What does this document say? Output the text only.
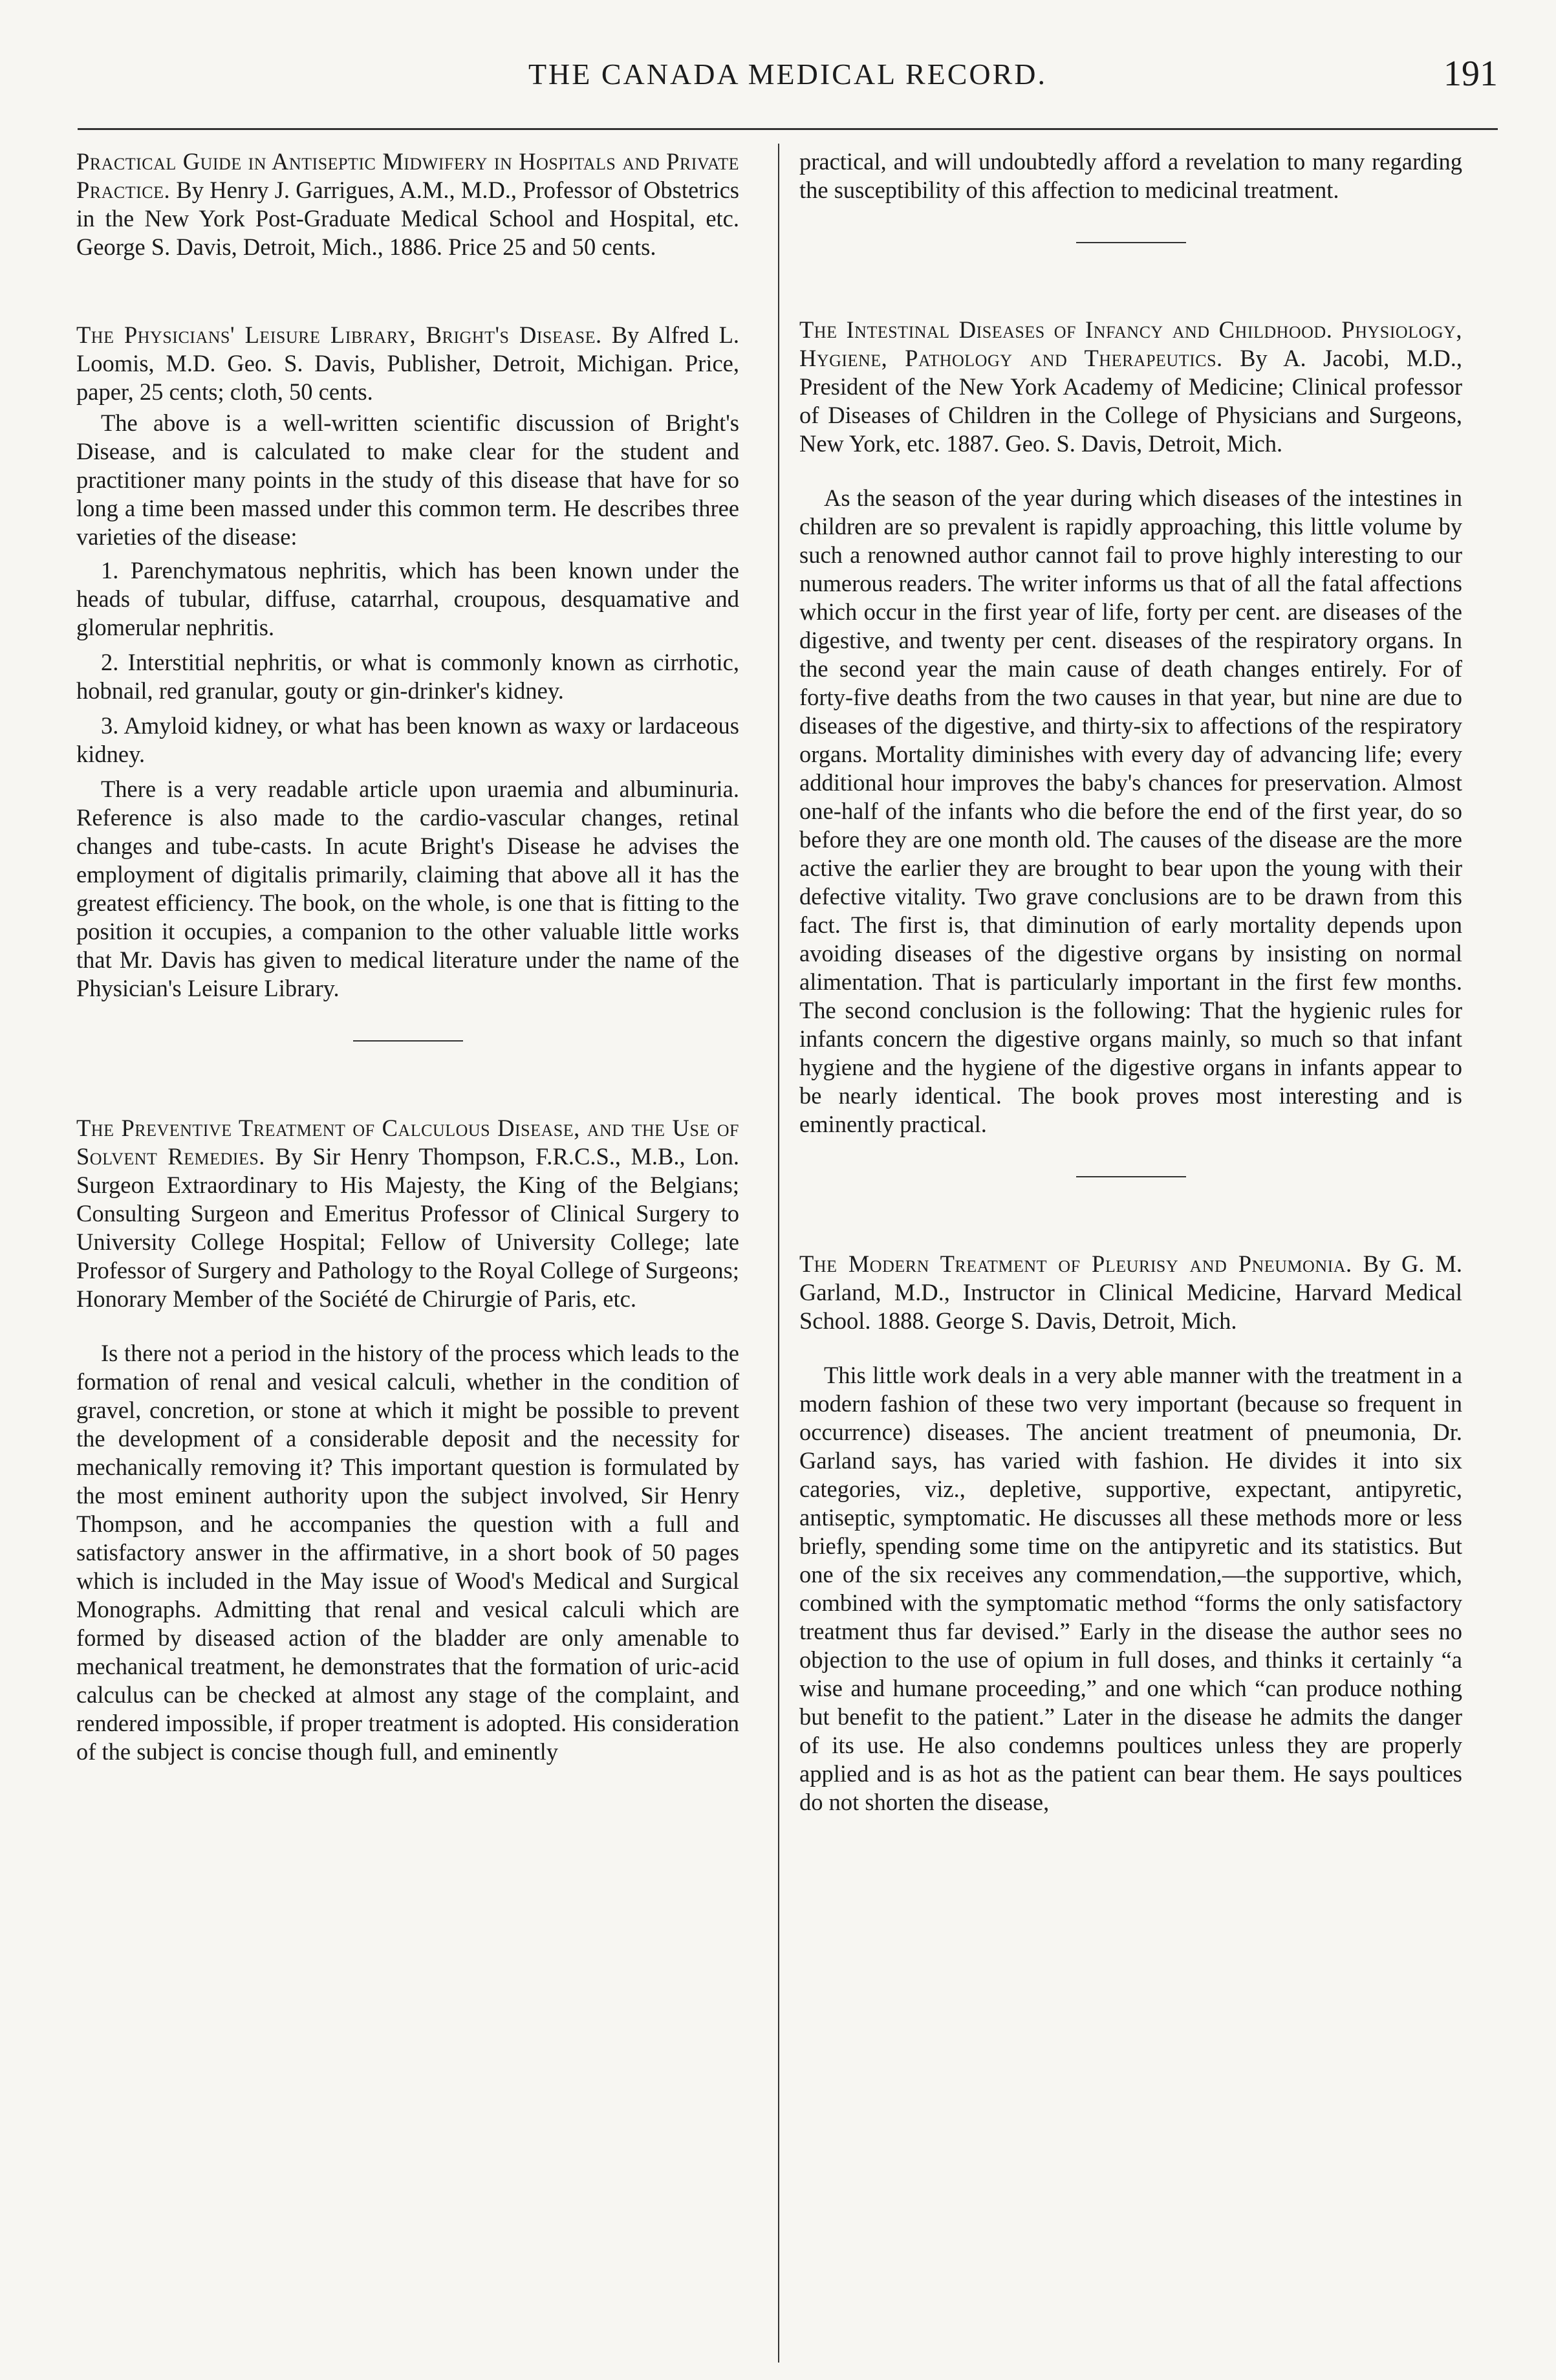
THE CANADA MEDICAL RECORD.	191
Practical Guide in Antiseptic Midwifery in Hospitals and Private Practice. By Henry J. Garrigues, A.M., M.D., Professor of Obstetrics in the New York Post-Graduate Medical School and Hospital, etc. George S. Davis, Detroit, Mich., 1886. Price 25 and 50 cents.
The Physicians' Leisure Library, Bright's Disease. By Alfred L. Loomis, M.D. Geo. S. Davis, Publisher, Detroit, Michigan. Price, paper, 25 cents; cloth, 50 cents.

The above is a well-written scientific discussion of Bright's Disease, and is calculated to make clear for the student and practitioner many points in the study of this disease that have for so long a time been massed under this common term. He describes three varieties of the disease:

1. Parenchymatous nephritis, which has been known under the heads of tubular, diffuse, catarrhal, croupous, desquamative and glomerular nephritis.

2. Interstitial nephritis, or what is commonly known as cirrhotic, hobnail, red granular, gouty or gin-drinker's kidney.

3. Amyloid kidney, or what has been known as waxy or lardaceous kidney.

There is a very readable article upon uraemia and albuminuria. Reference is also made to the cardio-vascular changes, retinal changes and tube-casts. In acute Bright's Disease he advises the employment of digitalis primarily, claiming that above all it has the greatest efficiency. The book, on the whole, is one that is fitting to the position it occupies, a companion to the other valuable little works that Mr. Davis has given to medical literature under the name of the Physician's Leisure Library.

The Preventive Treatment of Calculous Disease, and the Use of Solvent Remedies. By Sir Henry Thompson, F.R.C.S., M.B., Lon. Surgeon Extraordinary to His Majesty, the King of the Belgians; Consulting Surgeon and Emeritus Professor of Clinical Surgery to University College Hospital; Fellow of University College; late Professor of Surgery and Pathology to the Royal College of Surgeons; Honorary Member of the Société de Chirurgie of Paris, etc.

Is there not a period in the history of the process which leads to the formation of renal and vesical calculi, whether in the condition of gravel, concretion, or stone at which it might be possible to prevent the development of a considerable deposit and the necessity for mechanically removing it? This important question is formulated by the most eminent authority upon the subject involved, Sir Henry Thompson, and he accompanies the question with a full and satisfactory answer in the affirmative, in a short book of 50 pages which is included in the May issue of Wood's Medical and Surgical Monographs. Admitting that renal and vesical calculi which are formed by diseased action of the bladder are only amenable to mechanical treatment, he demonstrates that the formation of uric-acid calculus can be checked at almost any stage of the complaint, and rendered impossible, if proper treatment is adopted. His consideration of the subject is concise though full, and eminently

practical, and will undoubtedly afford a revelation to many regarding the susceptibility of this affection to medicinal treatment.

The Intestinal Diseases of Infancy and Childhood. Physiology, Hygiene, Pathology and Therapeutics. By A. Jacobi, M.D., President of the New York Academy of Medicine; Clinical professor of Diseases of Children in the College of Physicians and Surgeons, New York, etc. 1887. Geo. S. Davis, Detroit, Mich.

As the season of the year during which diseases of the intestines in children are so prevalent is rapidly approaching, this little volume by such a renowned author cannot fail to prove highly interesting to our numerous readers. The writer informs us that of all the fatal affections which occur in the first year of life, forty per cent. are diseases of the digestive, and twenty per cent. diseases of the respiratory organs. In the second year the main cause of death changes entirely. For of forty-five deaths from the two causes in that year, but nine are due to diseases of the digestive, and thirty-six to affections of the respiratory organs. Mortality diminishes with every day of advancing life; every additional hour improves the baby's chances for preservation. Almost one-half of the infants who die before the end of the first year, do so before they are one month old. The causes of the disease are the more active the earlier they are brought to bear upon the young with their defective vitality. Two grave conclusions are to be drawn from this fact. The first is, that diminution of early mortality depends upon avoiding diseases of the digestive organs by insisting on normal alimentation. That is particularly important in the first few months. The second conclusion is the following: That the hygienic rules for infants concern the digestive organs mainly, so much so that infant hygiene and the hygiene of the digestive organs in infants appear to be nearly identical. The book proves most interesting and is eminently practical.

The Modern Treatment of Pleurisy and Pneumonia. By G. M. Garland, M.D., Instructor in Clinical Medicine, Harvard Medical School. 1888. George S. Davis, Detroit, Mich.

This little work deals in a very able manner with the treatment in a modern fashion of these two very important (because so frequent in occurrence) diseases. The ancient treatment of pneumonia, Dr. Garland says, has varied with fashion. He divides it into six categories, viz., depletive, supportive, expectant, antipyretic, antiseptic, symptomatic. He discusses all these methods more or less briefly, spending some time on the antipyretic and its statistics. But one of the six receives any commendation,—the supportive, which, combined with the symptomatic method “forms the only satisfactory treatment thus far devised.” Early in the disease the author sees no objection to the use of opium in full doses, and thinks it certainly “a wise and humane proceeding,” and one which “can produce nothing but benefit to the patient.” Later in the disease he admits the danger of its use. He also condemns poultices unless they are properly applied and is as hot as the patient can bear them. He says poultices do not shorten the disease,
